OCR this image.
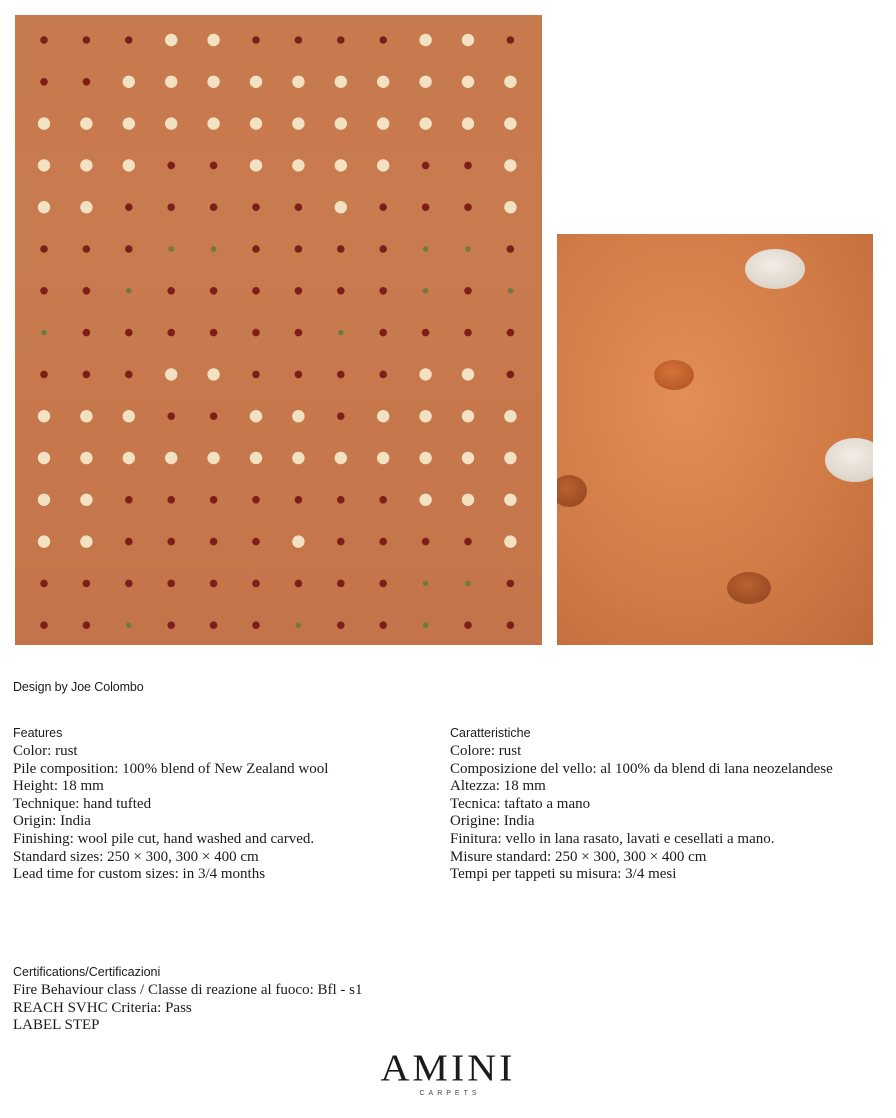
Design by Joe Colombo
Features
Color: rust
Pile composition: 100% blend of New Zealand wool
Height: 18 mm
Technique: hand tufted
Origin: India
Finishing: wool pile cut, hand washed and carved.
Standard sizes: 250 × 300, 300 × 400 cm
Lead time for custom sizes: in 3/4 months
Caratteristiche
Colore: rust
Composizione del vello: al 100% da blend di lana neozelandese
Altezza: 18 mm
Tecnica: taftato a mano
Origine: India
Finitura: vello in lana rasato, lavati e cesellati a mano.
Misure standard: 250 × 300, 300 × 400 cm
Tempi per tappeti su misura: 3/4 mesi
Certifications/Certificazioni
Fire Behaviour class / Classe di reazione al fuoco: Bfl - s1
REACH SVHC Criteria: Pass
LABEL STEP
AMINI
CARPETS
